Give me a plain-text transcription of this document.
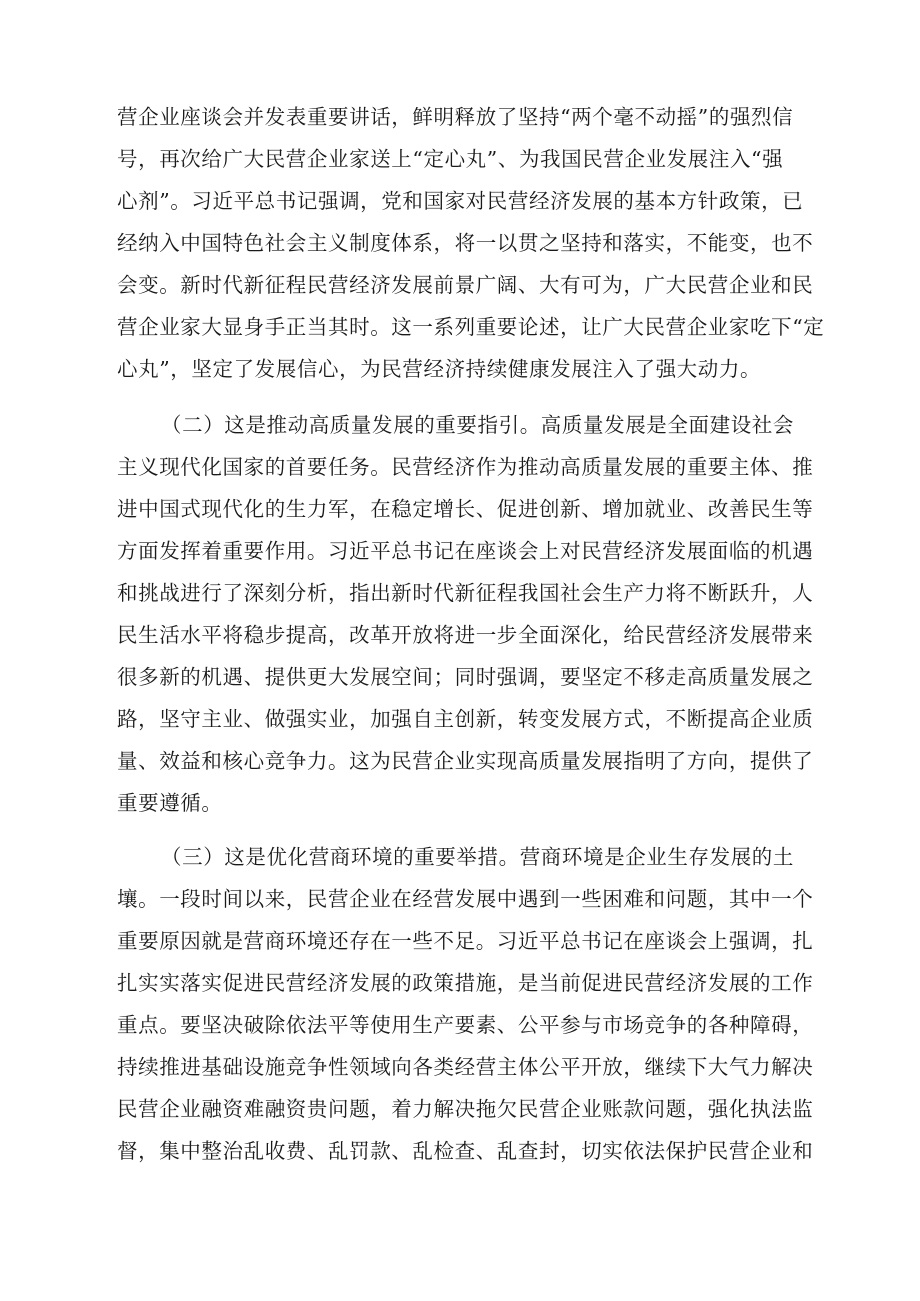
营企业座谈会并发表重要讲话，鲜明释放了坚持“两个毫不动摇”的强烈信
号，再次给广大民营企业家送上“定心丸”、为我国民营企业发展注入“强
心剂”。习近平总书记强调，党和国家对民营经济发展的基本方针政策，已
经纳入中国特色社会主义制度体系，将一以贯之坚持和落实，不能变，也不
会变。新时代新征程民营经济发展前景广阔、大有可为，广大民营企业和民
营企业家大显身手正当其时。这一系列重要论述，让广大民营企业家吃下“定
心丸”，坚定了发展信心，为民营经济持续健康发展注入了强大动力。
（二）这是推动高质量发展的重要指引。高质量发展是全面建设社会
主义现代化国家的首要任务。民营经济作为推动高质量发展的重要主体、推
进中国式现代化的生力军，在稳定增长、促进创新、增加就业、改善民生等
方面发挥着重要作用。习近平总书记在座谈会上对民营经济发展面临的机遇
和挑战进行了深刻分析，指出新时代新征程我国社会生产力将不断跃升，人
民生活水平将稳步提高，改革开放将进一步全面深化，给民营经济发展带来
很多新的机遇、提供更大发展空间；同时强调，要坚定不移走高质量发展之
路，坚守主业、做强实业，加强自主创新，转变发展方式，不断提高企业质
量、效益和核心竞争力。这为民营企业实现高质量发展指明了方向，提供了
重要遵循。
（三）这是优化营商环境的重要举措。营商环境是企业生存发展的土
壤。一段时间以来，民营企业在经营发展中遇到一些困难和问题，其中一个
重要原因就是营商环境还存在一些不足。习近平总书记在座谈会上强调，扎
扎实实落实促进民营经济发展的政策措施，是当前促进民营经济发展的工作
重点。要坚决破除依法平等使用生产要素、公平参与市场竞争的各种障碍，
持续推进基础设施竞争性领域向各类经营主体公平开放，继续下大气力解决
民营企业融资难融资贵问题，着力解决拖欠民营企业账款问题，强化执法监
督，集中整治乱收费、乱罚款、乱检查、乱查封，切实依法保护民营企业和
